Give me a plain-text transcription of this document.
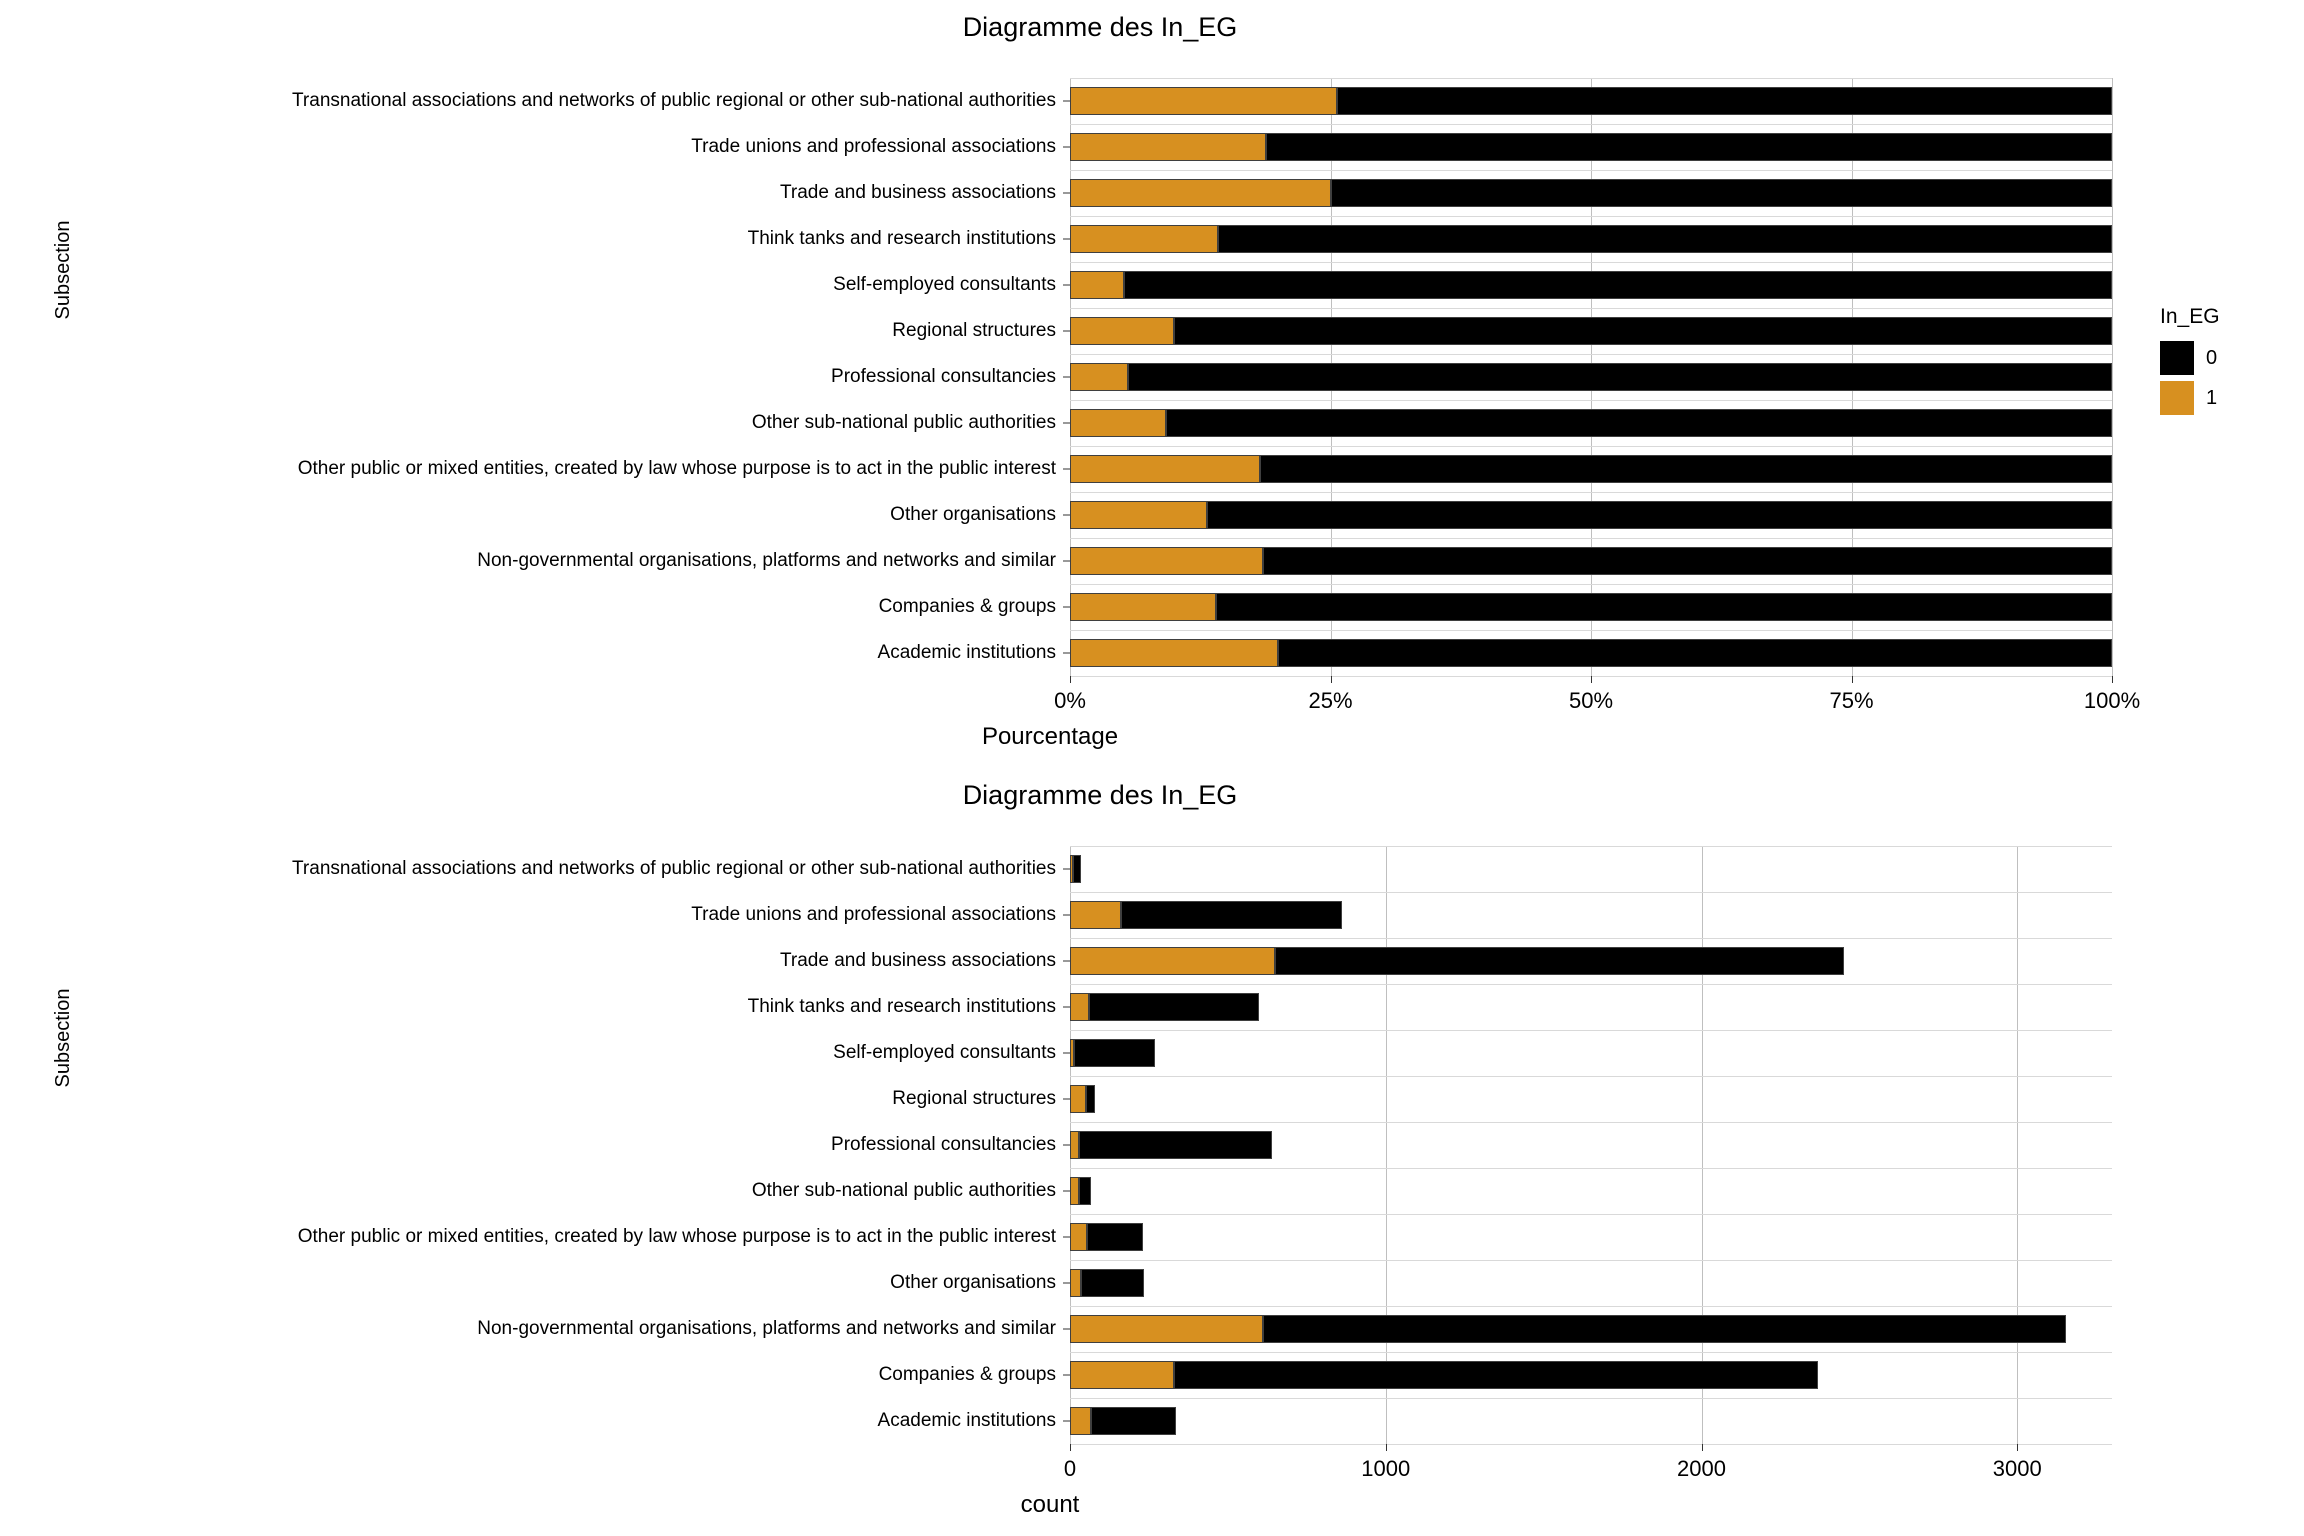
Diagramme des In_EG
Subsection
Pourcentage
Transnational associations and networks of public regional or other sub-national authorities
Trade unions and professional associations
Trade and business associations
Think tanks and research institutions
Self-employed consultants
Regional structures
Professional consultancies
Other sub-national public authorities
Other public or mixed entities, created by law whose purpose is to act in the public interest
Other organisations
Non-governmental organisations, platforms and networks and similar
Companies & groups
Academic institutions
0%	25%	50%	75%	100%
In_EG
0
1
Diagramme des In_EG
Subsection
count
Transnational associations and networks of public regional or other sub-national authorities
Trade unions and professional associations
Trade and business associations
Think tanks and research institutions
Self-employed consultants
Regional structures
Professional consultancies
Other sub-national public authorities
Other public or mixed entities, created by law whose purpose is to act in the public interest
Other organisations
Non-governmental organisations, platforms and networks and similar
Companies & groups
Academic institutions
0	1000	2000	3000
